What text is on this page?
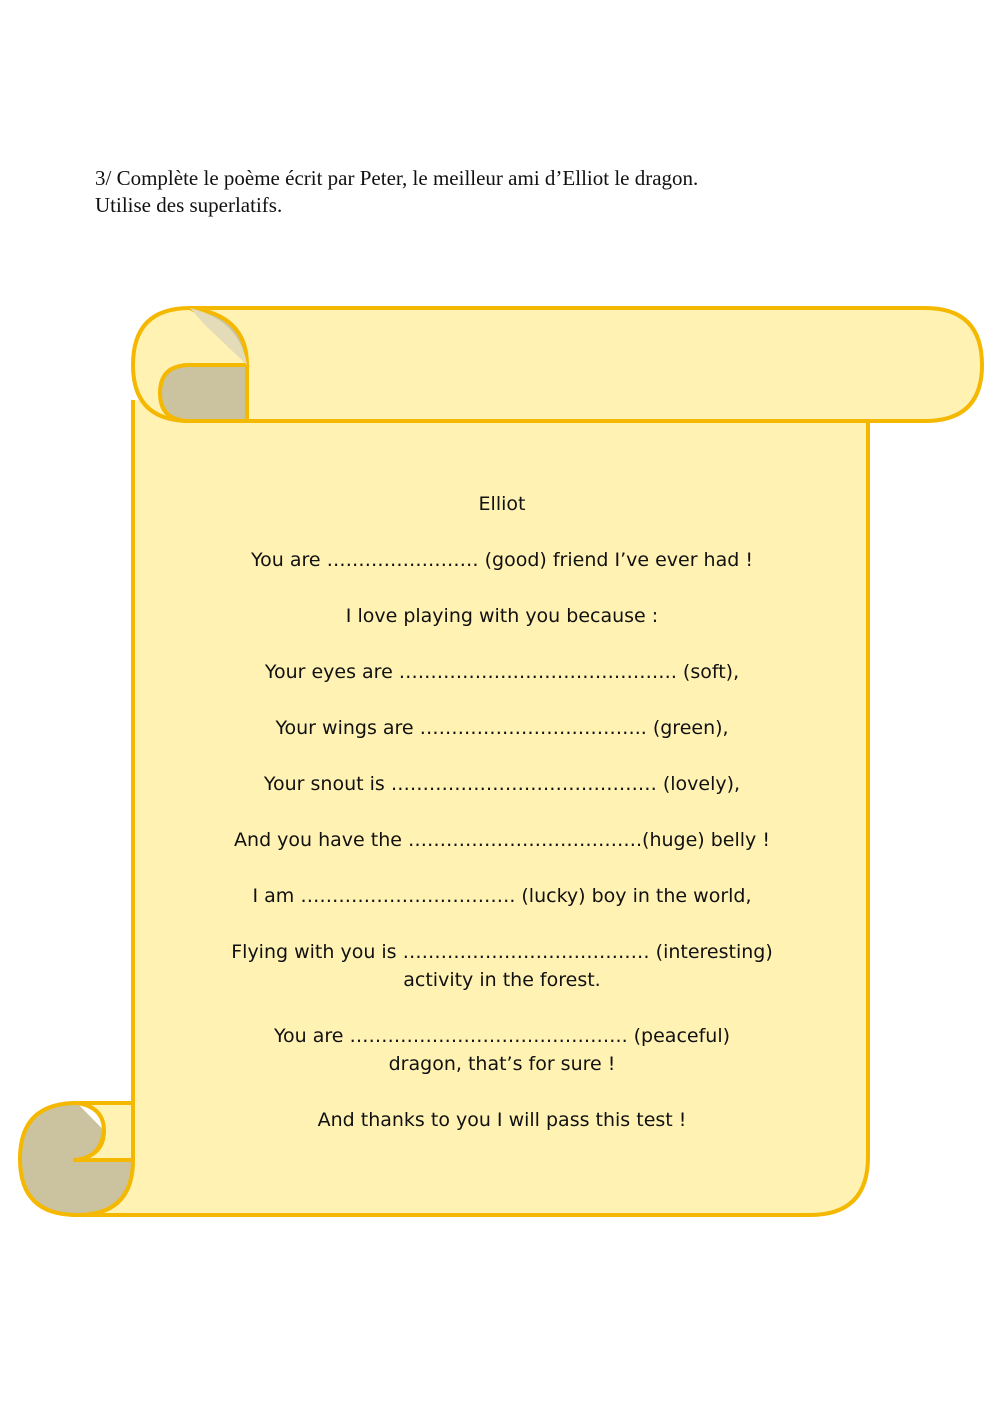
3/ Complète le poème écrit par Peter, le meilleur ami d’Elliot le dragon.
Utilise des superlatifs.
Elliot
You are …………………… (good) friend I’ve ever had !
I love playing with you because :
Your eyes are ……………….……………………. (soft),
Your wings are …………………….……….. (green),
Your snout is …………………………………… (lovely),
And you have the ……………………………….(huge) belly !
I am ……………………………. (lucky) boy in the world,
Flying with you is ………………………………… (interesting)
activity in the forest.
You are …………………………………….. (peaceful)
dragon, that’s for sure !
And thanks to you I will pass this test !
